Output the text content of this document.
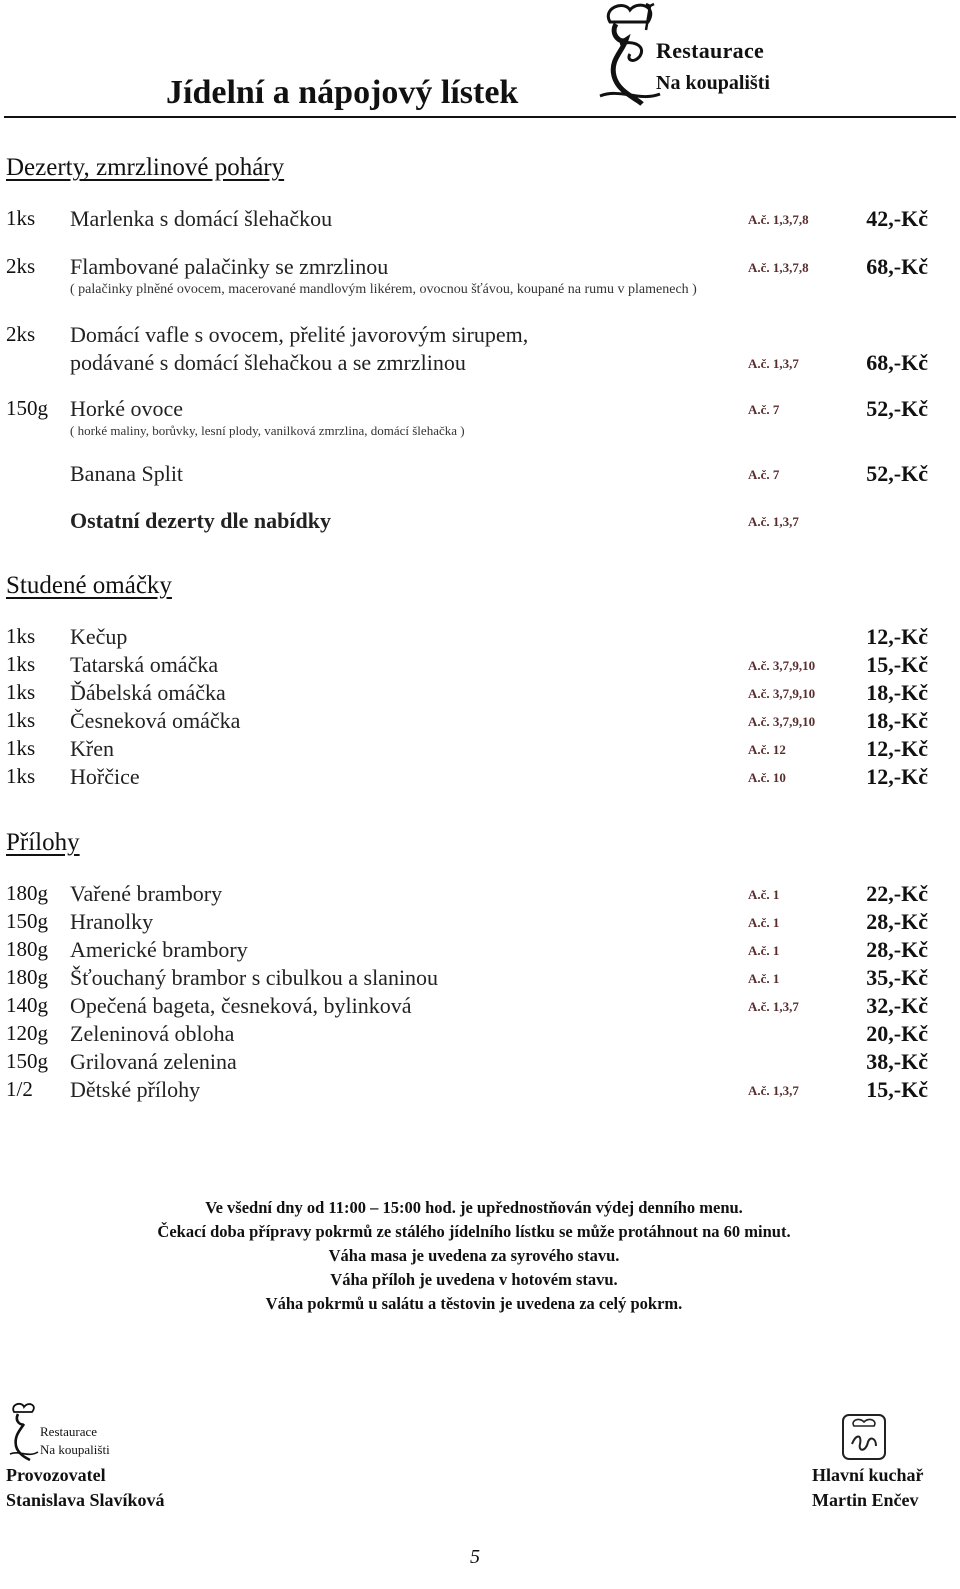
Jídelní a nápojový lístek
Restaurace
Na koupališti
Dezerty, zmrzlinové poháry
1ks Marlenka s domácí šlehačkou	A.č. 1,3,7,8	42,-Kč
2ks Flambované palačinky se zmrzlinou	A.č. 1,3,7,8	68,-Kč
( palačinky plněné ovocem, macerované mandlovým likérem, ovocnou šťávou, koupané na rumu v plamenech )
2ks Domácí vafle s ovocem, přelité javorovým sirupem,
podávané s domácí šlehačkou a se zmrzlinou	A.č. 1,3,7	68,-Kč
150g Horké ovoce	A.č. 7	52,-Kč
( horké maliny, borůvky, lesní plody, vanilková zmrzlina, domácí šlehačka )
Banana Split	A.č. 7	52,-Kč
Ostatní dezerty dle nabídky	A.č. 1,3,7
Studené omáčky
1ks Kečup	12,-Kč
1ks Tatarská omáčka	A.č. 3,7,9,10 15,-Kč
1ks Ďábelská omáčka	A.č. 3,7,9,10 18,-Kč
1ks Česneková omáčka	A.č. 3,7,9,10 18,-Kč
1ks Křen	A.č. 12	12,-Kč
1ks Hořčice	A.č. 10	12,-Kč
Přílohy
180g Vařené brambory	A.č. 1	22,-Kč
150g Hranolky	A.č. 1	28,-Kč
180g Americké brambory	A.č. 1	28,-Kč
180g Šťouchaný brambor s cibulkou a slaninou	A.č. 1	35,-Kč
140g Opečená bageta, česneková, bylinková	A.č. 1,3,7	32,-Kč
120g Zeleninová obloha	20,-Kč
150g Grilovaná zelenina	38,-Kč
1/2 Dětské přílohy	A.č. 1,3,7	15,-Kč
Ve všední dny od 11:00 – 15:00 hod. je upřednostňován výdej denního menu.
Čekací doba přípravy pokrmů ze stálého jídelního lístku se může protáhnout na 60 minut.
Váha masa je uvedena za syrového stavu.
Váha příloh je uvedena v hotovém stavu.
Váha pokrmů u salátu a těstovin je uvedena za celý pokrm.
Restaurace
Na koupališti
Provozovatel
Stanislava Slavíková
Hlavní kuchař
Martin Enčev
5
